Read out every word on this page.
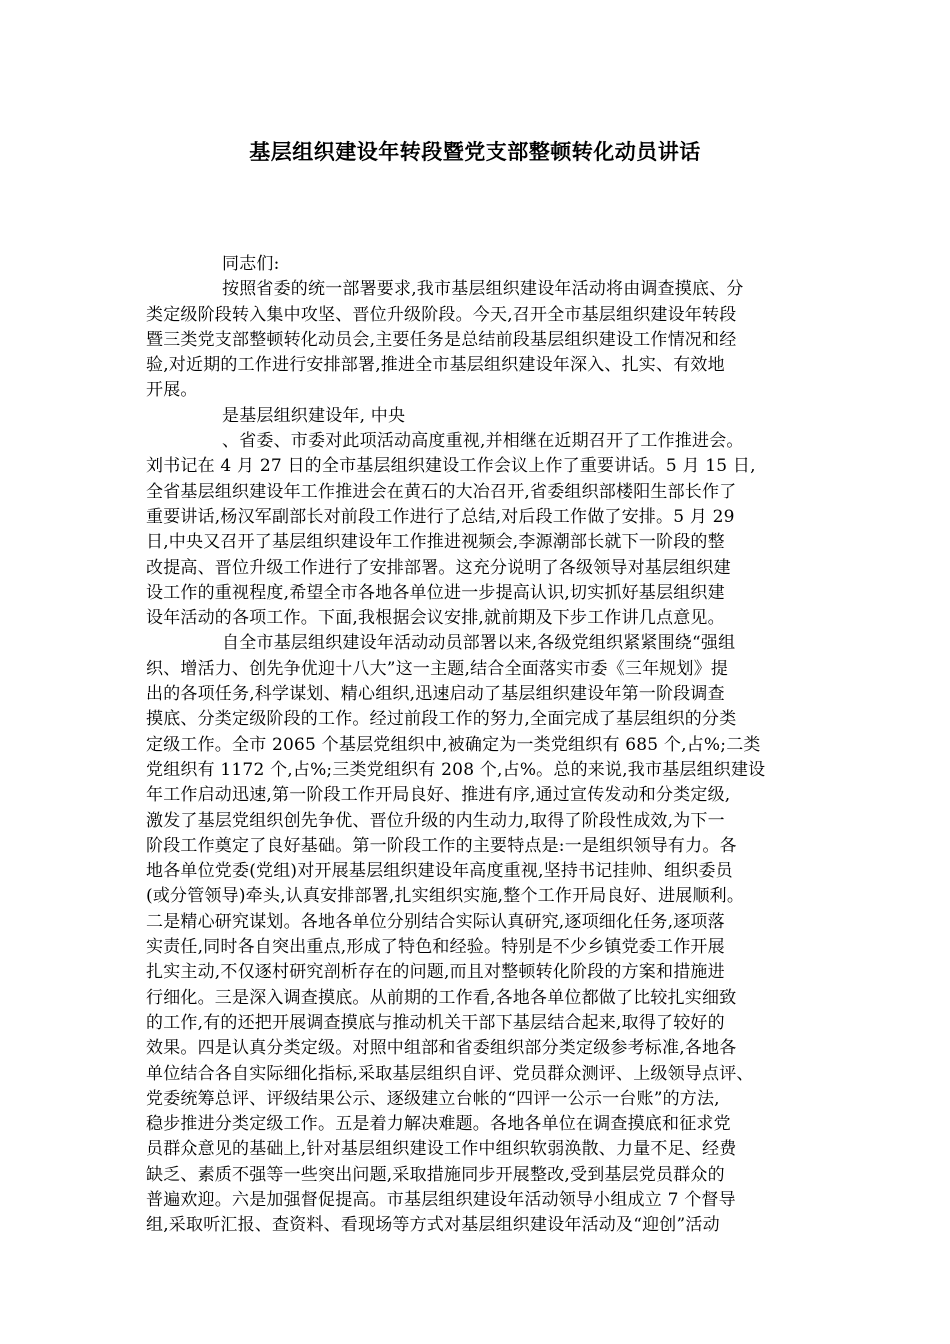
基层组织建设年转段暨党支部整顿转化动员讲话
同志们:
按照省委的统一部署要求,我市基层组织建设年活动将由调查摸底、分
类定级阶段转入集中攻坚、晋位升级阶段。今天,召开全市基层组织建设年转段
暨三类党支部整顿转化动员会,主要任务是总结前段基层组织建设工作情况和经
验,对近期的工作进行安排部署,推进全市基层组织建设年深入、扎实、有效地
开展。
是基层组织建设年, 中央
、省委、市委对此项活动高度重视,并相继在近期召开了工作推进会。
刘书记在 4 月 27 日的全市基层组织建设工作会议上作了重要讲话。5 月 15 日,
全省基层组织建设年工作推进会在黄石的大冶召开,省委组织部楼阳生部长作了
重要讲话,杨汉军副部长对前段工作进行了总结,对后段工作做了安排。5 月 29
日,中央又召开了基层组织建设年工作推进视频会,李源潮部长就下一阶段的整
改提高、晋位升级工作进行了安排部署。这充分说明了各级领导对基层组织建
设工作的重视程度,希望全市各地各单位进一步提高认识,切实抓好基层组织建
设年活动的各项工作。下面,我根据会议安排,就前期及下步工作讲几点意见。
自全市基层组织建设年活动动员部署以来,各级党组织紧紧围绕“强组
织、增活力、创先争优迎十八大”这一主题,结合全面落实市委《三年规划》提
出的各项任务,科学谋划、精心组织,迅速启动了基层组织建设年第一阶段调查
摸底、分类定级阶段的工作。经过前段工作的努力,全面完成了基层组织的分类
定级工作。全市 2065 个基层党组织中,被确定为一类党组织有 685 个,占%;二类
党组织有 1172 个,占%;三类党组织有 208 个,占%。总的来说,我市基层组织建设
年工作启动迅速,第一阶段工作开局良好、推进有序,通过宣传发动和分类定级,
激发了基层党组织创先争优、晋位升级的内生动力,取得了阶段性成效,为下一
阶段工作奠定了良好基础。第一阶段工作的主要特点是:一是组织领导有力。各
地各单位党委(党组)对开展基层组织建设年高度重视,坚持书记挂帅、组织委员
(或分管领导)牵头,认真安排部署,扎实组织实施,整个工作开局良好、进展顺利。
二是精心研究谋划。各地各单位分别结合实际认真研究,逐项细化任务,逐项落
实责任,同时各自突出重点,形成了特色和经验。特别是不少乡镇党委工作开展
扎实主动,不仅逐村研究剖析存在的问题,而且对整顿转化阶段的方案和措施进
行细化。三是深入调查摸底。从前期的工作看,各地各单位都做了比较扎实细致
的工作,有的还把开展调查摸底与推动机关干部下基层结合起来,取得了较好的
效果。四是认真分类定级。对照中组部和省委组织部分类定级参考标准,各地各
单位结合各自实际细化指标,采取基层组织自评、党员群众测评、上级领导点评、
党委统筹总评、评级结果公示、逐级建立台帐的“四评一公示一台账”的方法,
稳步推进分类定级工作。五是着力解决难题。各地各单位在调查摸底和征求党
员群众意见的基础上,针对基层组织建设工作中组织软弱涣散、力量不足、经费
缺乏、素质不强等一些突出问题,采取措施同步开展整改,受到基层党员群众的
普遍欢迎。六是加强督促提高。市基层组织建设年活动领导小组成立 7 个督导
组,采取听汇报、查资料、看现场等方式对基层组织建设年活动及“迎创”活动
